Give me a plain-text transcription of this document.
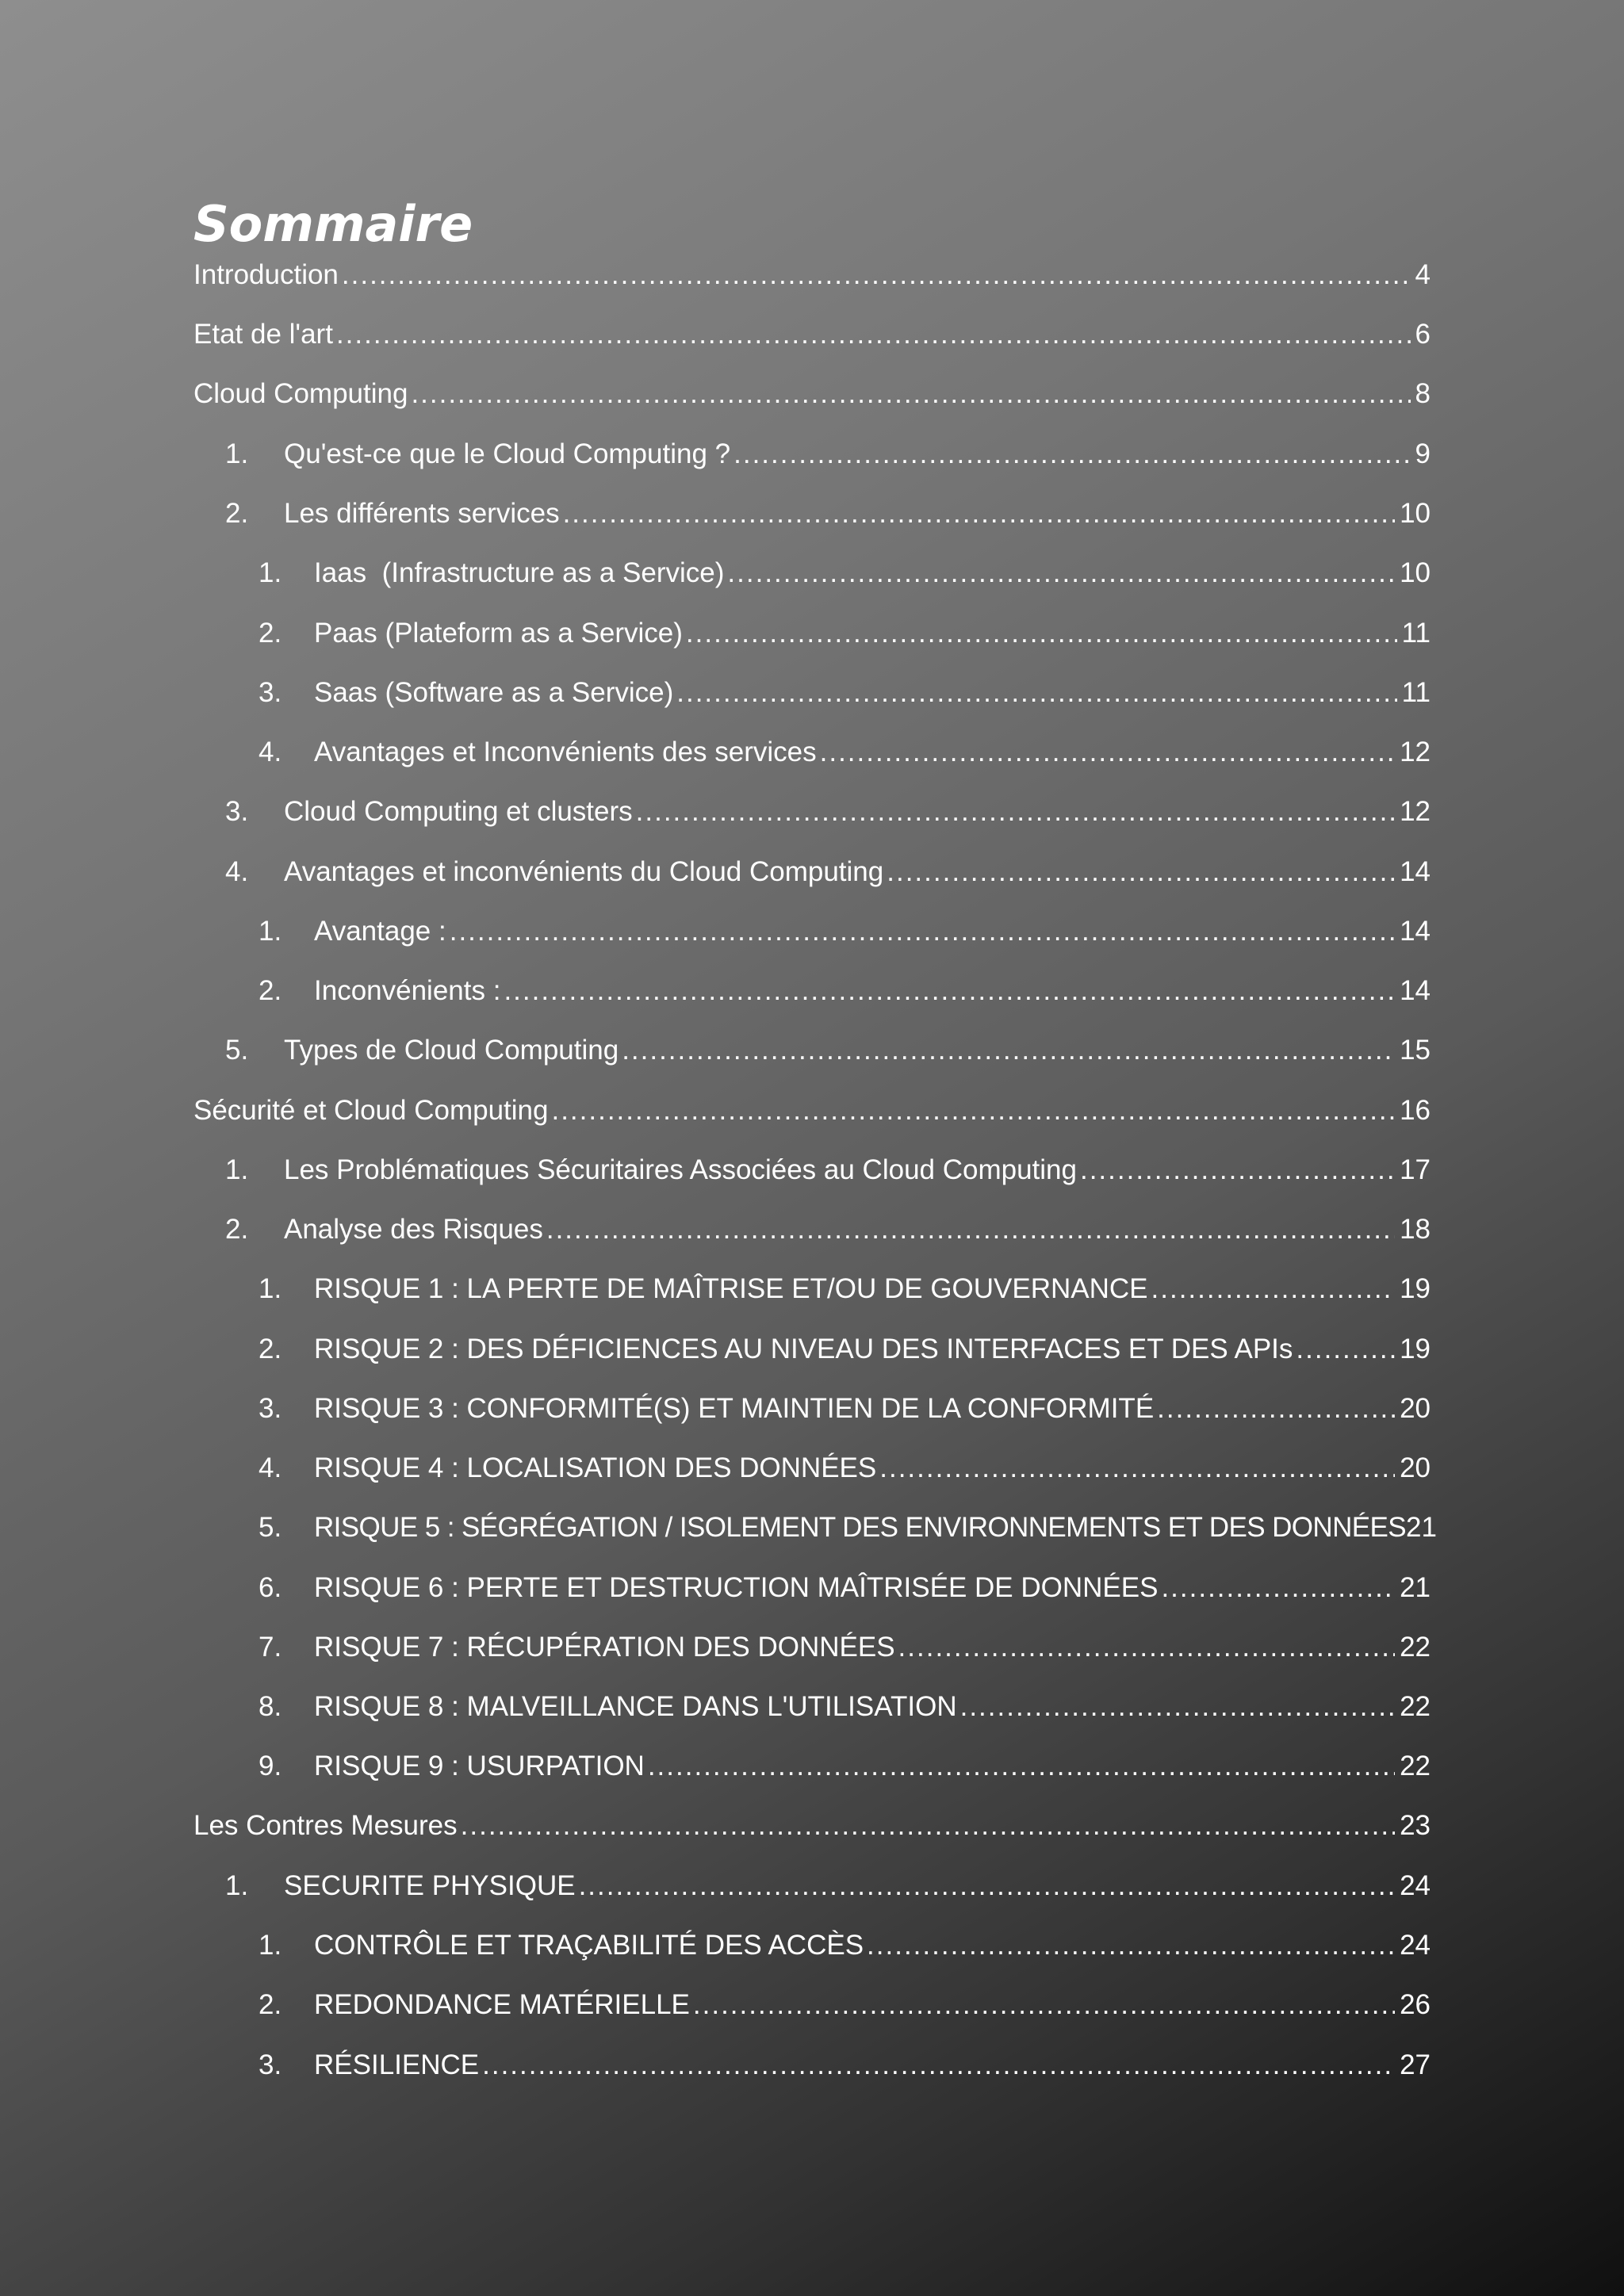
Sommaire
Introduction .....	4
Etat de l'art .....	6
Cloud Computing .....	8
1.	Qu'est-ce que le Cloud Computing ? .....	9
2.	Les différents services .....	10
1.	Iaas  (Infrastructure as a Service) .....	10
2.	Paas (Plateform as a Service) .....	11
3.	Saas (Software as a Service) .....	11
4.	Avantages et Inconvénients des services .....	12
3.	Cloud Computing et clusters .....	12
4.	Avantages et inconvénients du Cloud Computing .....	14
1.	Avantage : .....	14
2.	Inconvénients : .....	14
5.	Types de Cloud Computing .....	15
Sécurité et Cloud Computing .....	16
1.	Les Problématiques Sécuritaires Associées au Cloud Computing .....	17
2.	Analyse des Risques .....	18
1.	RISQUE 1 : LA PERTE DE MAÎTRISE ET/OU DE GOUVERNANCE .....	19
2.	RISQUE 2 : DES DÉFICIENCES AU NIVEAU DES INTERFACES ET DES APIs .....	19
3.	RISQUE 3 : CONFORMITÉ(S) ET MAINTIEN DE LA CONFORMITÉ .....	20
4.	RISQUE 4 : LOCALISATION DES DONNÉES .....	20
5.	RISQUE 5 : SÉGRÉGATION / ISOLEMENT DES ENVIRONNEMENTS ET DES DONNÉES 21
6.	RISQUE 6 : PERTE ET DESTRUCTION MAÎTRISÉE DE DONNÉES .....	21
7.	RISQUE 7 : RÉCUPÉRATION DES DONNÉES .....	22
8.	RISQUE 8 : MALVEILLANCE DANS L'UTILISATION .....	22
9.	RISQUE 9 : USURPATION .....	22
Les Contres Mesures .....	23
1.	SECURITE PHYSIQUE .....	24
1.	CONTRÔLE ET TRAÇABILITÉ DES ACCÈS .....	24
2.	REDONDANCE MATÉRIELLE .....	26
3.	RÉSILIENCE .....	27
